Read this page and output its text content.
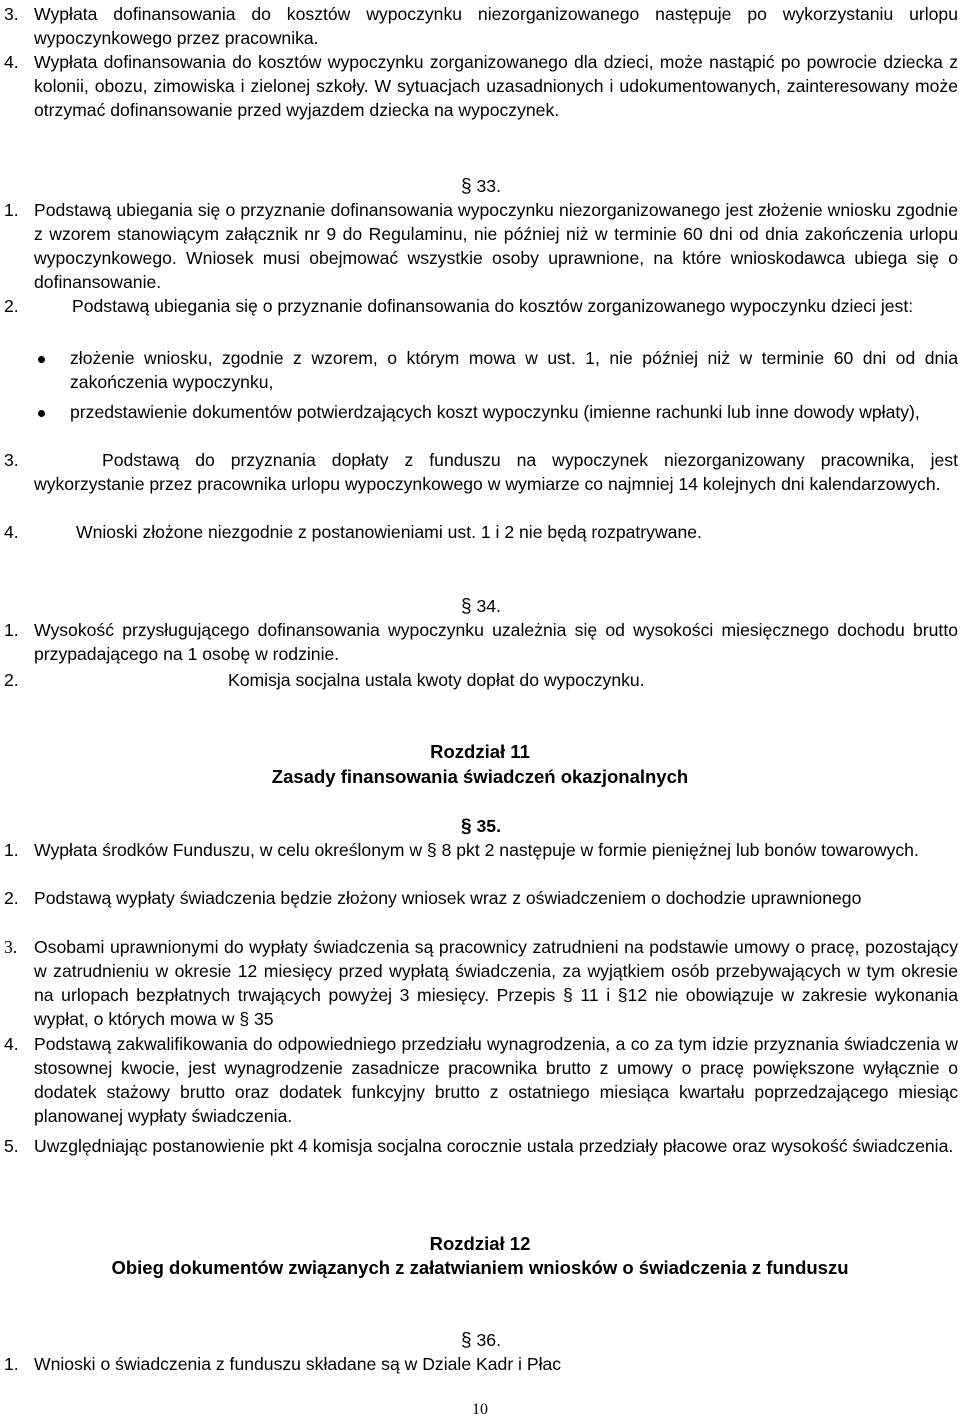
3. Wypłata dofinansowania do kosztów wypoczynku niezorganizowanego następuje po wykorzystaniu urlopu wypoczynkowego przez pracownika.
4. Wypłata dofinansowania do kosztów wypoczynku zorganizowanego dla dzieci, może nastąpić po powrocie dziecka z kolonii, obozu, zimowiska i zielonej szkoły. W sytuacjach uzasadnionych i udokumentowanych, zainteresowany może otrzymać dofinansowanie przed wyjazdem dziecka na wypoczynek.
§ 33.
1. Podstawą ubiegania się o przyznanie dofinansowania wypoczynku niezorganizowanego jest złożenie wniosku zgodnie z wzorem stanowiącym załącznik nr 9 do Regulaminu, nie później niż w terminie 60 dni od dnia zakończenia urlopu wypoczynkowego. Wniosek musi obejmować wszystkie osoby uprawnione, na które wnioskodawca ubiega się o dofinansowanie.
2.	Podstawą ubiegania się o przyznanie dofinansowania do kosztów zorganizowanego wypoczynku dzieci jest:
złożenie wniosku, zgodnie z wzorem, o którym mowa w ust. 1, nie później niż w terminie 60 dni od dnia zakończenia wypoczynku,
przedstawienie dokumentów potwierdzających koszt wypoczynku (imienne rachunki lub inne dowody wpłaty),
3.	Podstawą do przyznania dopłaty z funduszu na wypoczynek niezorganizowany pracownika, jest wykorzystanie przez pracownika urlopu wypoczynkowego w wymiarze co najmniej 14 kolejnych dni kalendarzowych.
4.	Wnioski złożone niezgodnie z postanowieniami ust. 1 i 2 nie będą rozpatrywane.
§ 34.
1. Wysokość przysługującego dofinansowania wypoczynku uzależnia się od wysokości miesięcznego dochodu brutto przypadającego na 1 osobę w rodzinie.
2.	Komisja socjalna ustala kwoty dopłat do wypoczynku.
Rozdział 11
Zasady finansowania świadczeń okazjonalnych
§ 35.
1. Wypłata środków Funduszu, w celu określonym w § 8 pkt 2 następuje w formie pieniężnej lub bonów towarowych.
2. Podstawą wypłaty świadczenia będzie złożony wniosek wraz z oświadczeniem o dochodzie uprawnionego
3. Osobami uprawnionymi do wypłaty świadczenia są pracownicy zatrudnieni na podstawie umowy o pracę, pozostający w zatrudnieniu w okresie 12 miesięcy przed wypłatą świadczenia, za wyjątkiem osób przebywających w tym okresie na urlopach bezpłatnych trwających powyżej 3 miesięcy. Przepis § 11 i §12 nie obowiązuje w zakresie wykonania wypłat, o których mowa w § 35
4. Podstawą zakwalifikowania do odpowiedniego przedziału wynagrodzenia, a co za tym idzie przyznania świadczenia w stosownej kwocie, jest wynagrodzenie zasadnicze pracownika brutto z umowy o pracę powiększone wyłącznie o dodatek stażowy brutto oraz dodatek funkcyjny brutto z ostatniego miesiąca kwartału poprzedzającego miesiąc planowanej wypłaty świadczenia.
5. Uwzględniając postanowienie pkt 4 komisja socjalna corocznie ustala przedziały płacowe oraz wysokość świadczenia.
Rozdział 12
Obieg dokumentów związanych z załatwianiem wniosków o świadczenia z funduszu
§ 36.
1. Wnioski o świadczenia z funduszu składane są w Dziale Kadr i Płac
10
